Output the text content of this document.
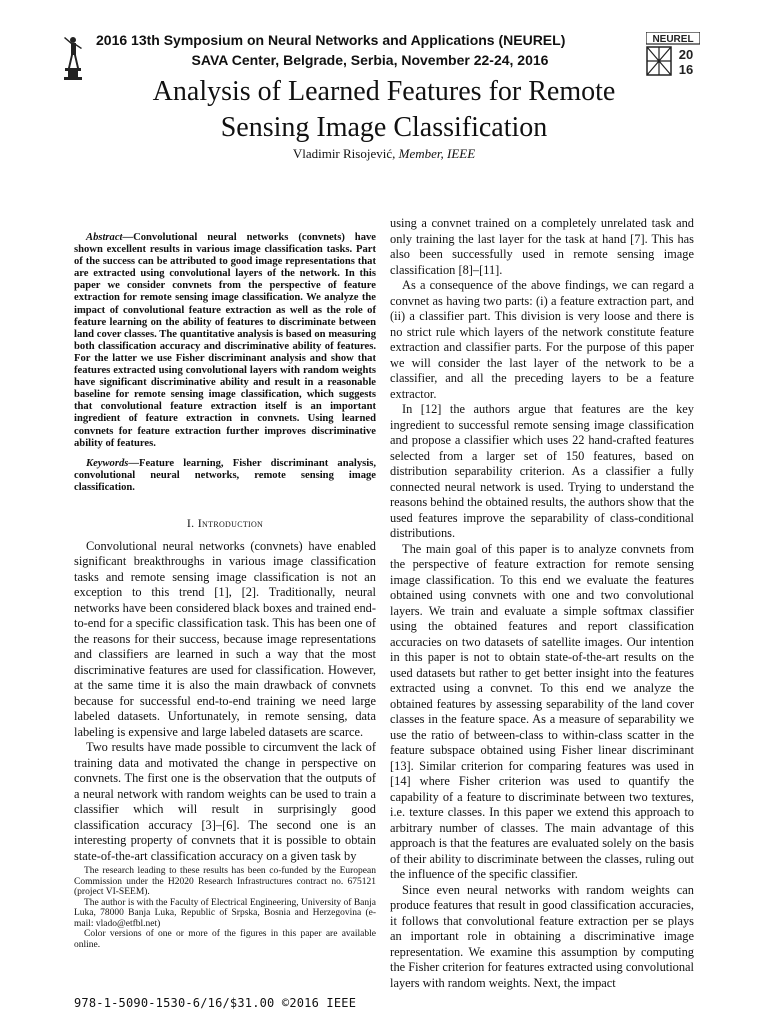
2016 13th Symposium on Neural Networks and Applications (NEUREL)
SAVA Center, Belgrade, Serbia, November 22-24, 2016
NEUREL
20
16
Analysis of Learned Features for Remote
Sensing Image Classification
Vladimir Risojević, Member, IEEE

Abstract—Convolutional neural networks (convnets) have shown excellent results in various image classification tasks. Part of the success can be attributed to good image representations that are extracted using convolutional layers of the network. In this paper we consider convnets from the perspective of feature extraction for remote sensing image classification. We analyze the impact of convolutional feature extraction as well as the role of feature learning on the ability of features to discriminate between land cover classes. The quantitative analysis is based on measuring both classification accuracy and discriminative ability of features. For the latter we use Fisher discriminant analysis and show that features extracted using convolutional layers with random weights have significant discriminative ability and result in a reasonable baseline for remote sensing image classification, which suggests that convolutional feature extraction itself is an important ingredient of feature extraction in convnets. Using learned convnets for feature extraction further improves discriminative ability of features.

Keywords—Feature learning, Fisher discriminant analysis, convolutional neural networks, remote sensing image classification.

I. Introduction

Convolutional neural networks (convnets) have enabled significant breakthroughs in various image classification tasks and remote sensing image classification is not an exception to this trend [1], [2]. Traditionally, neural networks have been considered black boxes and trained end-to-end for a specific classification task. This has been one of the reasons for their success, because image representations and classifiers are learned in such a way that the most discriminative features are used for classification. However, at the same time it is also the main drawback of convnets because for successful end-to-end training we need large labeled datasets. Unfortunately, in remote sensing, data labeling is expensive and large labeled datasets are scarce.

Two results have made possible to circumvent the lack of training data and motivated the change in perspective on convnets. The first one is the observation that the outputs of a neural network with random weights can be used to train a classifier which will result in surprisingly good classification accuracy [3]–[6]. The second one is an interesting property of convnets that it is possible to obtain state-of-the-art classification accuracy on a given task by

The research leading to these results has been co-funded by the European Commission under the H2020 Research Infrastructures contract no. 675121 (project VI-SEEM).

The author is with the Faculty of Electrical Engineering, University of Banja Luka, 78000 Banja Luka, Republic of Srpska, Bosnia and Herzegovina (e-mail: vlado@etfbl.net)

Color versions of one or more of the figures in this paper are available online.

using a convnet trained on a completely unrelated task and only training the last layer for the task at hand [7]. This has also been successfully used in remote sensing image classification [8]–[11].

As a consequence of the above findings, we can regard a convnet as having two parts: (i) a feature extraction part, and (ii) a classifier part. This division is very loose and there is no strict rule which layers of the network constitute feature extraction and classifier parts. For the purpose of this paper we will consider the last layer of the network to be a classifier, and all the preceding layers to be a feature extractor.

In [12] the authors argue that features are the key ingredient to successful remote sensing image classification and propose a classifier which uses 22 hand-crafted features selected from a larger set of 150 features, based on distribution separability criterion. As a classifier a fully connected neural network is used. Trying to understand the reasons behind the obtained results, the authors show that the used features improve the separability of class-conditional distributions.

The main goal of this paper is to analyze convnets from the perspective of feature extraction for remote sensing image classification. To this end we evaluate the features obtained using convnets with one and two convolutional layers. We train and evaluate a simple softmax classifier using the obtained features and report classification accuracies on two datasets of satellite images. Our intention in this paper is not to obtain state-of-the-art results on the used datasets but rather to get better insight into the features extracted using a convnet. To this end we analyze the obtained features by assessing separability of the land cover classes in the feature space. As a measure of separability we use the ratio of between-class to within-class scatter in the feature subspace obtained using Fisher linear discriminant [13]. Similar criterion for comparing features was used in [14] where Fisher criterion was used to quantify the capability of a feature to discriminate between two textures, i.e. texture classes. In this paper we extend this approach to arbitrary number of classes. The main advantage of this approach is that the features are evaluated solely on the basis of their ability to discriminate between the classes, ruling out the influence of the specific classifier.

Since even neural networks with random weights can produce features that result in good classification accuracies, it follows that convolutional feature extraction per se plays an important role in obtaining a discriminative image representation. We examine this assumption by computing the Fisher criterion for features extracted using convolutional layers with random weights. Next, the impact

978-1-5090-1530-6/16/$31.00 ©2016 IEEE
